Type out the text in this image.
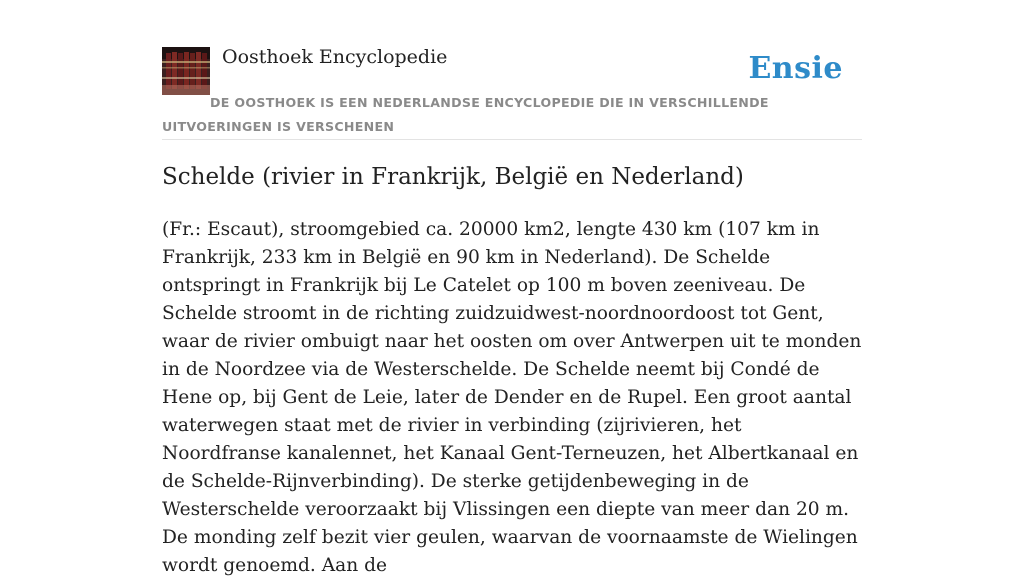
Oosthoek Encyclopedie	Ensie
DE OOSTHOEK IS EEN NEDERLANDSE ENCYCLOPEDIE DIE IN VERSCHILLENDE UITVOERINGEN IS VERSCHENEN
Schelde (rivier in Frankrijk, België en Nederland)
(Fr.: Escaut), stroomgebied ca. 20000 km2, lengte 430 km (107 km in Frankrijk, 233 km in België en 90 km in Nederland). De Schelde ontspringt in Frankrijk bij Le Catelet op 100 m boven zeeniveau. De Schelde stroomt in de richting zuidzuidwest-noordnoordoost tot Gent, waar de rivier ombuigt naar het oosten om over Antwerpen uit te monden in de Noordzee via de Westerschelde. De Schelde neemt bij Condé de Hene op, bij Gent de Leie, later de Dender en de Rupel. Een groot aantal waterwegen staat met de rivier in verbinding (zijrivieren, het Noordfranse kanalennet, het Kanaal Gent-Terneuzen, het Albertkanaal en de Schelde-Rijnverbinding). De sterke getijdenbeweging in de Westerschelde veroorzaakt bij Vlissingen een diepte van meer dan 20 m. De monding zelf bezit vier geulen, waarvan de voornaamste de Wielingen wordt genoemd. Aan de
